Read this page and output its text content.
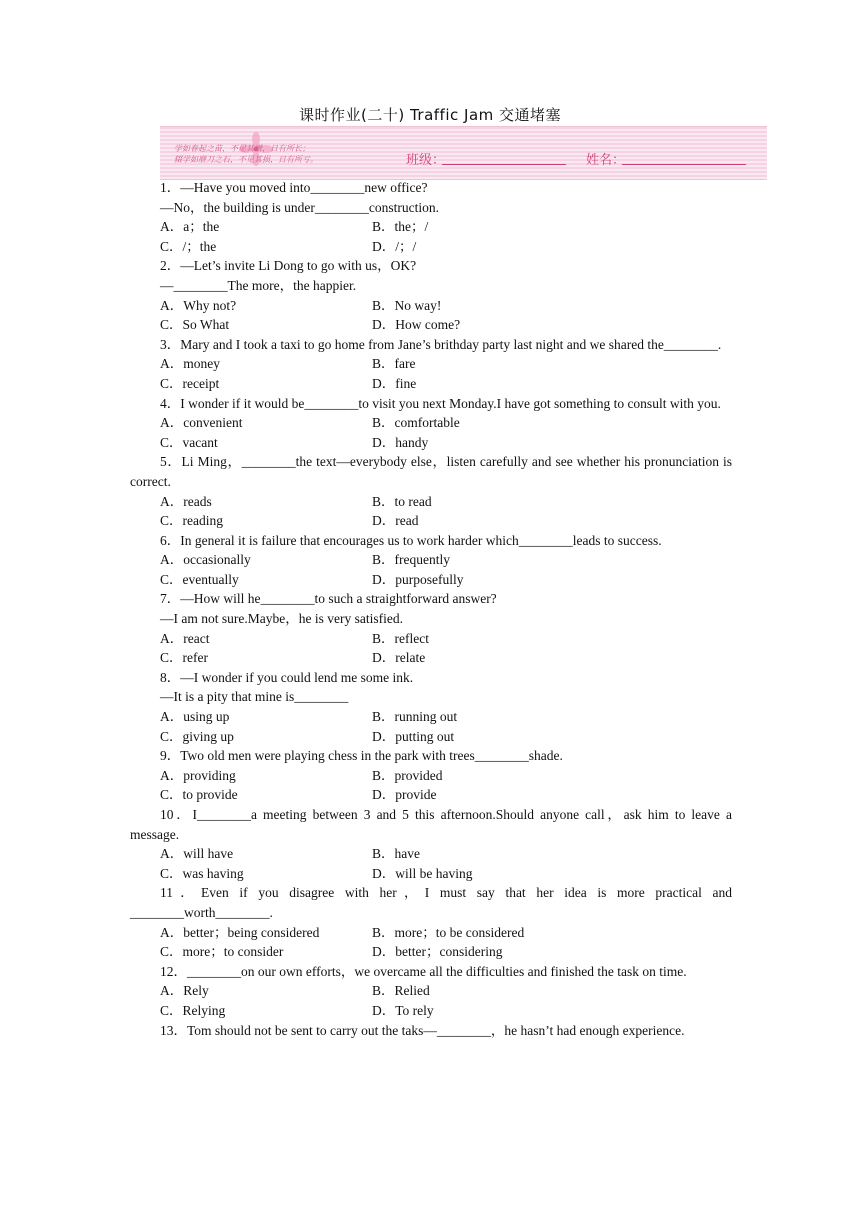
课时作业(二十) Traffic Jam 交通堵塞
学如春起之苗，不见其增，日有所长；
辍学如磨刀之石，不见其损，日有所亏。	班级：	姓名：
1．—Have you moved into________new office?
—No，the building is under________construction.
A．a；the	B．the；/
C．/；the	D．/；/
2．—Let’s invite Li Dong to go with us，OK?
—________The more，the happier.
A．Why not?	B．No way!
C．So What	D．How come?
3．Mary and I took a taxi to go home from Jane’s brithday party last night and we shared the________.
A．money	B．fare
C．receipt	D．fine
4．I wonder if it would be________to visit you next Monday.I have got something to consult with you.
A．convenient	B．comfortable
C．vacant	D．handy
5．Li Ming，________the text—everybody else，listen carefully and see whether his pronunciation is correct.
A．reads	B．to read
C．reading	D．read
6．In general it is failure that encourages us to work harder which________leads to success.
A．occasionally	B．frequently
C．eventually	D．purposefully
7．—How will he________to such a straightforward answer?
—I am not sure.Maybe，he is very satisfied.
A．react	B．reflect
C．refer	D．relate
8．—I wonder if you could lend me some ink.
—It is a pity that mine is________
A．using up	B．running out
C．giving up	D．putting out
9．Two old men were playing chess in the park with trees________shade.
A．providing	B．provided
C．to provide	D．provide
10．I________a meeting between 3 and 5 this afternoon.Should anyone call，ask him to leave a message.
A．will have	B．have
C．was having	D．will be having
11．Even if you disagree with her，I must say that her idea is more practical and ________worth________.
A．better；being considered	B．more；to be considered
C．more；to consider	D．better；considering
12．________on our own efforts，we overcame all the difficulties and finished the task on time.
A．Rely	B．Relied
C．Relying	D．To rely
13．Tom should not be sent to carry out the taks—________，he hasn’t had enough experience.
